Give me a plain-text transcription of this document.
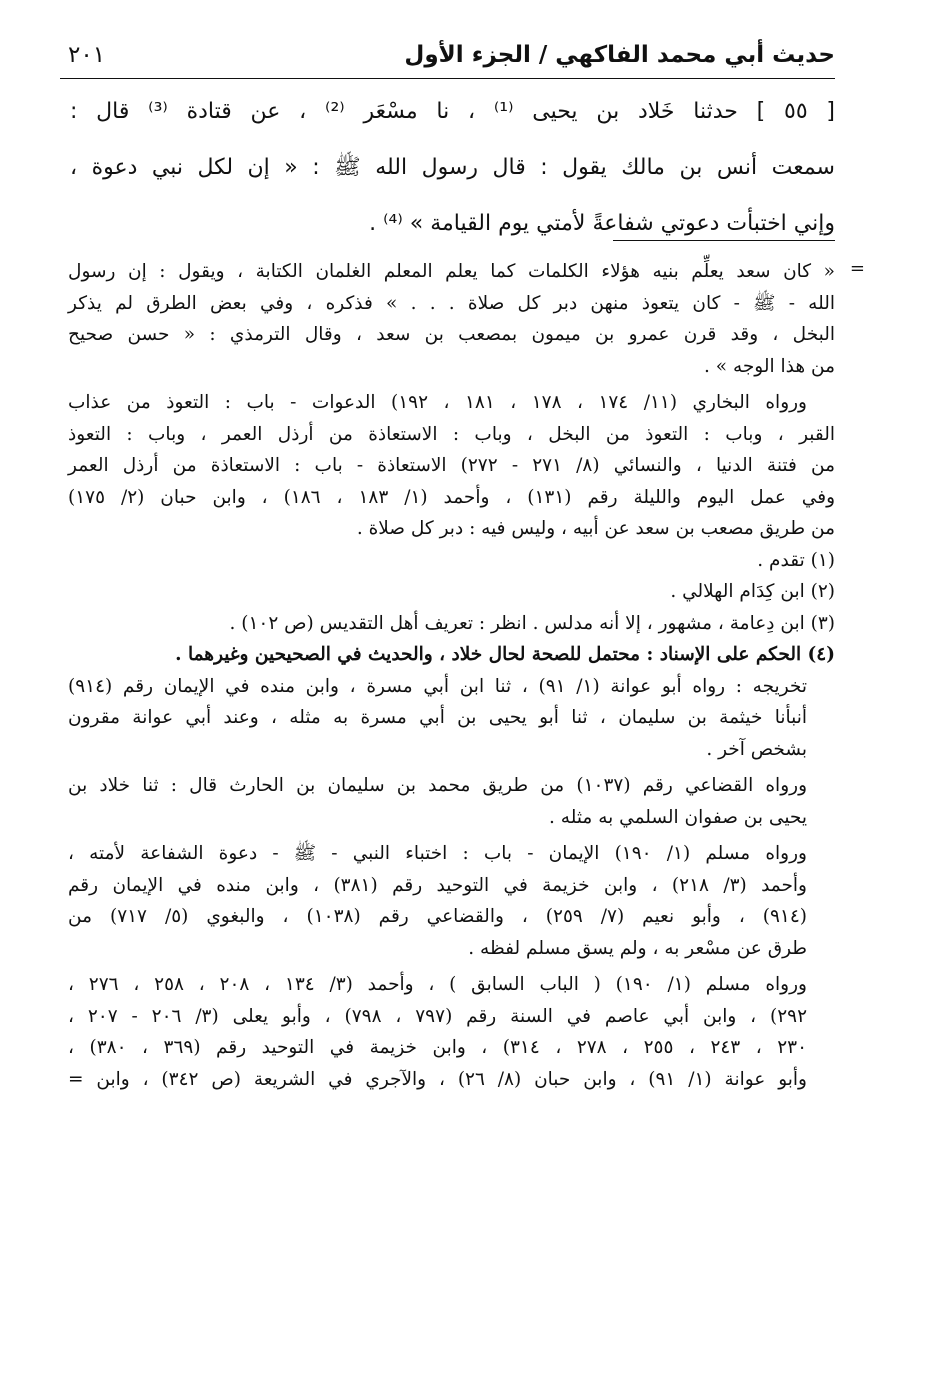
حديث أبي محمد الفاكهي / الجزء الأول
٢٠١
[ ٥٥ ] حدثنا خَلاد بن يحيى ⁽¹⁾ ، نا مسْعَر ⁽²⁾ ، عن قتادة ⁽³⁾ قال :
سمعت أنس بن مالك يقول : قال رسول الله ﷺ : « إن لكل نبي دعوة ،
وإني اختبأت دعوتي شفاعةً لأمتي يوم القيامة » ⁽⁴⁾ .
=
« كان سعد يعلِّم بنيه هؤلاء الكلمات كما يعلم المعلم الغلمان الكتابة ، ويقول : إن رسول
الله - ﷺ - كان يتعوذ منهن دبر كل صلاة . . . » فذكره ، وفي بعض الطرق لم يذكر
البخل ، وقد قرن عمرو بن ميمون بمصعب بن سعد ، وقال الترمذي : « حسن صحيح
من هذا الوجه » .
ورواه البخاري (١١/ ١٧٤ ، ١٧٨ ، ١٨١ ، ١٩٢) الدعوات - باب : التعوذ من عذاب
القبر ، وباب : التعوذ من البخل ، وباب : الاستعاذة من أرذل العمر ، وباب : التعوذ
من فتنة الدنيا ، والنسائي (٨/ ٢٧١ - ٢٧٢) الاستعاذة - باب : الاستعاذة من أرذل العمر
وفي عمل اليوم والليلة رقم (١٣١) ، وأحمد (١/ ١٨٣ ، ١٨٦) ، وابن حبان (٢/ ١٧٥)
من طريق مصعب بن سعد عن أبيه ، وليس فيه : دبر كل صلاة .
(١) تقدم .
(٢) ابن كِدَام الهلالي .
(٣) ابن دِعامة ، مشهور ، إلا أنه مدلس . انظر : تعريف أهل التقديس (ص ١٠٢) .
(٤) الحكم على الإسناد : محتمل للصحة لحال خلاد ، والحديث في الصحيحين وغيرهما .
تخريجه : رواه أبو عوانة (١/ ٩١) ، ثنا ابن أبي مسرة ، وابن منده في الإيمان رقم (٩١٤)
أنبأنا خيثمة بن سليمان ، ثنا أبو يحيى بن أبي مسرة به مثله ، وعند أبي عوانة مقرون
بشخص آخر .
ورواه القضاعي رقم (١٠٣٧) من طريق محمد بن سليمان بن الحارث قال : ثنا خلاد بن
يحيى بن صفوان السلمي به مثله .
ورواه مسلم (١/ ١٩٠) الإيمان - باب : اختباء النبي - ﷺ - دعوة الشفاعة لأمته ،
وأحمد (٣/ ٢١٨) ، وابن خزيمة في التوحيد رقم (٣٨١) ، وابن منده في الإيمان رقم
(٩١٤) ، وأبو نعيم (٧/ ٢٥٩) ، والقضاعي رقم (١٠٣٨) ، والبغوي (٥/ ٧١٧) من
طرق عن مسْعر به ، ولم يسق مسلم لفظه .
ورواه مسلم (١/ ١٩٠) ( الباب السابق ) ، وأحمد (٣/ ١٣٤ ، ٢٠٨ ، ٢٥٨ ، ٢٧٦ ،
٢٩٢) ، وابن أبي عاصم في السنة رقم (٧٩٧ ، ٧٩٨) ، وأبو يعلى (٣/ ٢٠٦ - ٢٠٧ ،
٢٣٠ ، ٢٤٣ ، ٢٥٥ ، ٢٧٨ ، ٣١٤) ، وابن خزيمة في التوحيد رقم (٣٦٩ ، ٣٨٠) ،
وأبو عوانة (١/ ٩١) ، وابن حبان (٨/ ٢٦) ، والآجري في الشريعة (ص ٣٤٢) ، وابن =
